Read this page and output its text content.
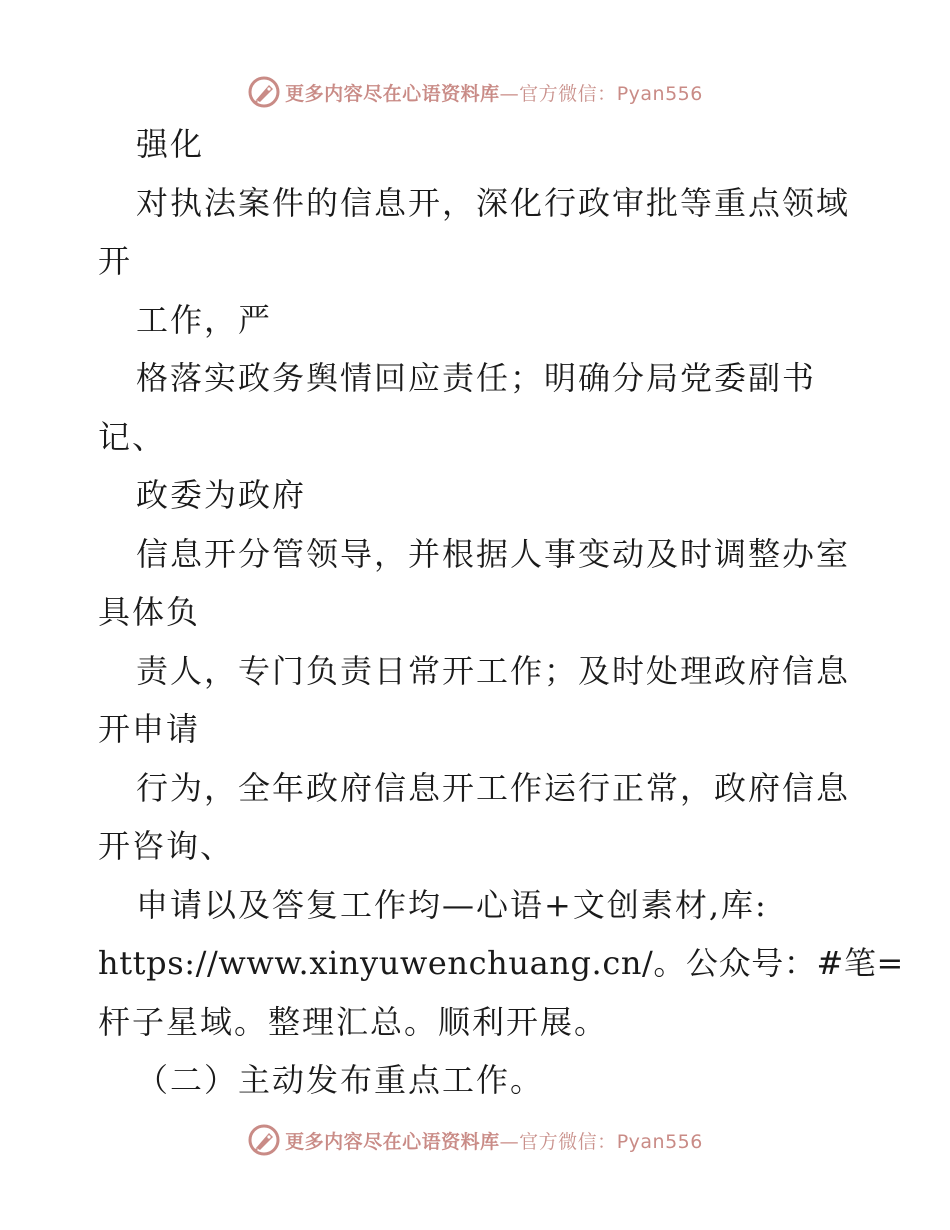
更多内容尽在心语资料库—官方微信：Pyan556
强化
对执法案件的信息开，深化行政审批等重点领域
开
工作，严
格落实政务舆情回应责任；明确分局党委副书
记、
政委为政府
信息开分管领导，并根据人事变动及时调整办室
具体负
责人，专门负责日常开工作；及时处理政府信息
开申请
行为，全年政府信息开工作运行正常，政府信息
开咨询、
申请以及答复工作均—心语+文创素材,库:
https://www.xinyuwenchuang.cn/。公众号：#笔=
杆子星域。整理汇总。顺利开展。
（二）主动发布重点工作。
更多内容尽在心语资料库—官方微信：Pyan556
